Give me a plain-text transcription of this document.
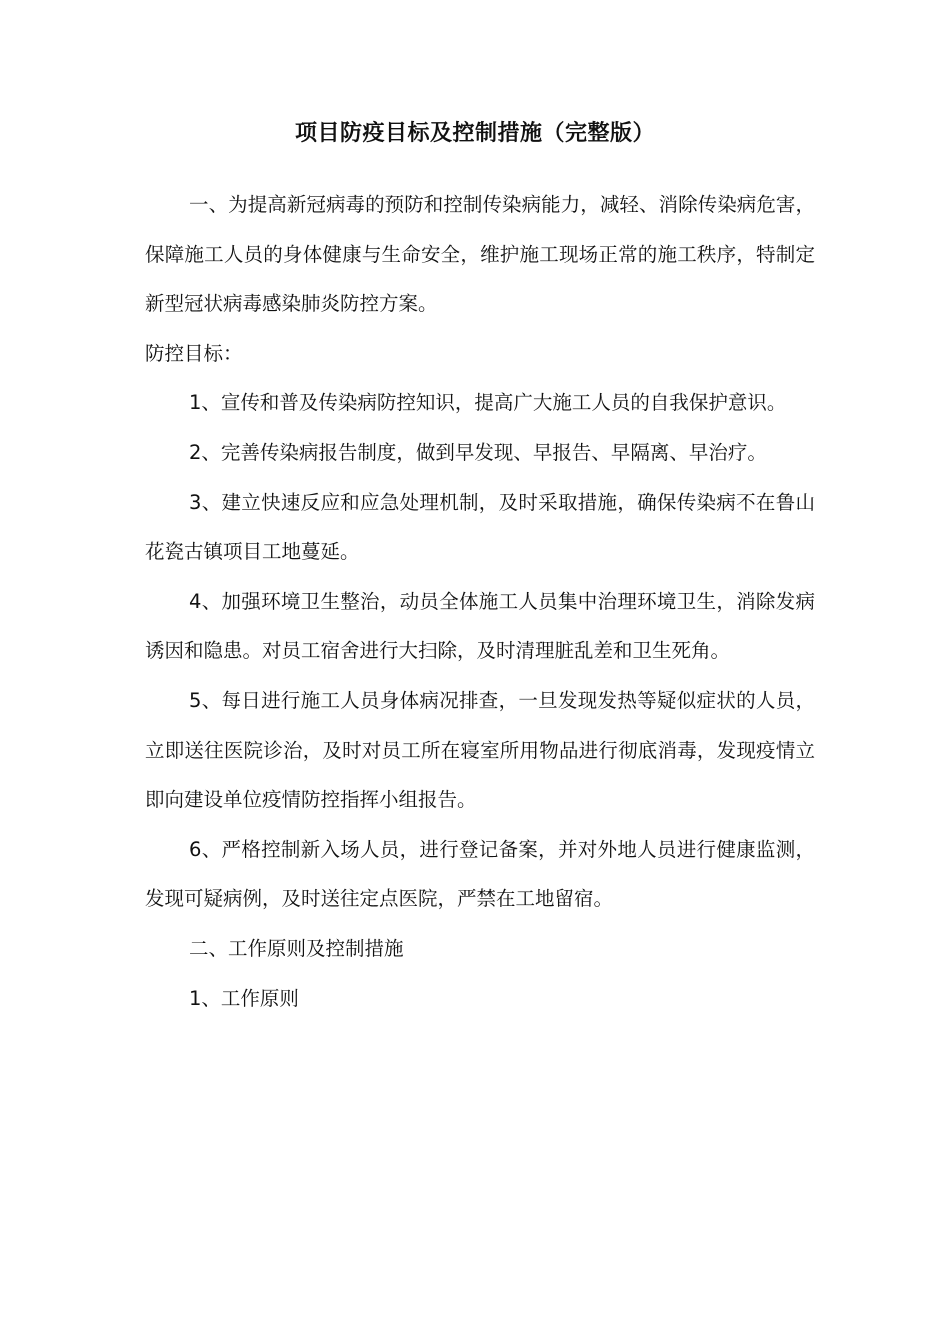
项目防疫目标及控制措施（完整版）

一、为提高新冠病毒的预防和控制传染病能力，减轻、消除传染病危害，保障施工人员的身体健康与生命安全，维护施工现场正常的施工秩序，特制定新型冠状病毒感染肺炎防控方案。

防控目标：

1、宣传和普及传染病防控知识，提高广大施工人员的自我保护意识。

2、完善传染病报告制度，做到早发现、早报告、早隔离、早治疗。

3、建立快速反应和应急处理机制，及时采取措施，确保传染病不在鲁山花瓷古镇项目工地蔓延。

4、加强环境卫生整治，动员全体施工人员集中治理环境卫生，消除发病诱因和隐患。对员工宿舍进行大扫除，及时清理脏乱差和卫生死角。

5、每日进行施工人员身体病况排查，一旦发现发热等疑似症状的人员，立即送往医院诊治，及时对员工所在寝室所用物品进行彻底消毒，发现疫情立即向建设单位疫情防控指挥小组报告。

6、严格控制新入场人员，进行登记备案，并对外地人员进行健康监测，发现可疑病例，及时送往定点医院，严禁在工地留宿。

二、工作原则及控制措施

1、工作原则
